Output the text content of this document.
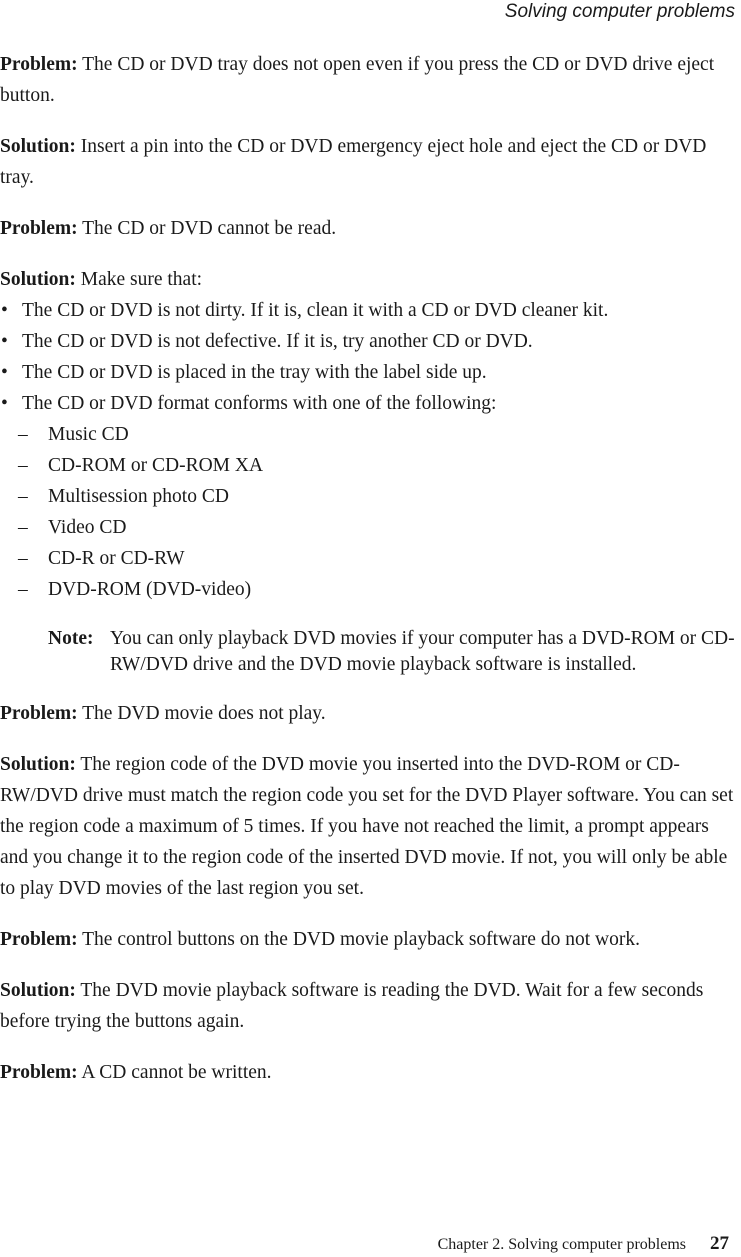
Solving computer problems

Problem: The CD or DVD tray does not open even if you press the CD or DVD drive eject button.

Solution: Insert a pin into the CD or DVD emergency eject hole and eject the CD or DVD tray.

Problem: The CD or DVD cannot be read.

Solution: Make sure that:

• The CD or DVD is not dirty. If it is, clean it with a CD or DVD cleaner kit.
• The CD or DVD is not defective. If it is, try another CD or DVD.
• The CD or DVD is placed in the tray with the label side up.
• The CD or DVD format conforms with one of the following:
– Music CD
– CD-ROM or CD-ROM XA
– Multisession photo CD
– Video CD
– CD-R or CD-RW
– DVD-ROM (DVD-video)
Note: You can only playback DVD movies if your computer has a DVD-ROM or CD-RW/DVD drive and the DVD movie playback software is installed.

Problem: The DVD movie does not play.

Solution: The region code of the DVD movie you inserted into the DVD-ROM or CD-RW/DVD drive must match the region code you set for the DVD Player software. You can set the region code a maximum of 5 times. If you have not reached the limit, a prompt appears and you change it to the region code of the inserted DVD movie. If not, you will only be able to play DVD movies of the last region you set.

Problem: The control buttons on the DVD movie playback software do not work.

Solution: The DVD movie playback software is reading the DVD. Wait for a few seconds before trying the buttons again.

Problem: A CD cannot be written.

Chapter 2. Solving computer problems 27
